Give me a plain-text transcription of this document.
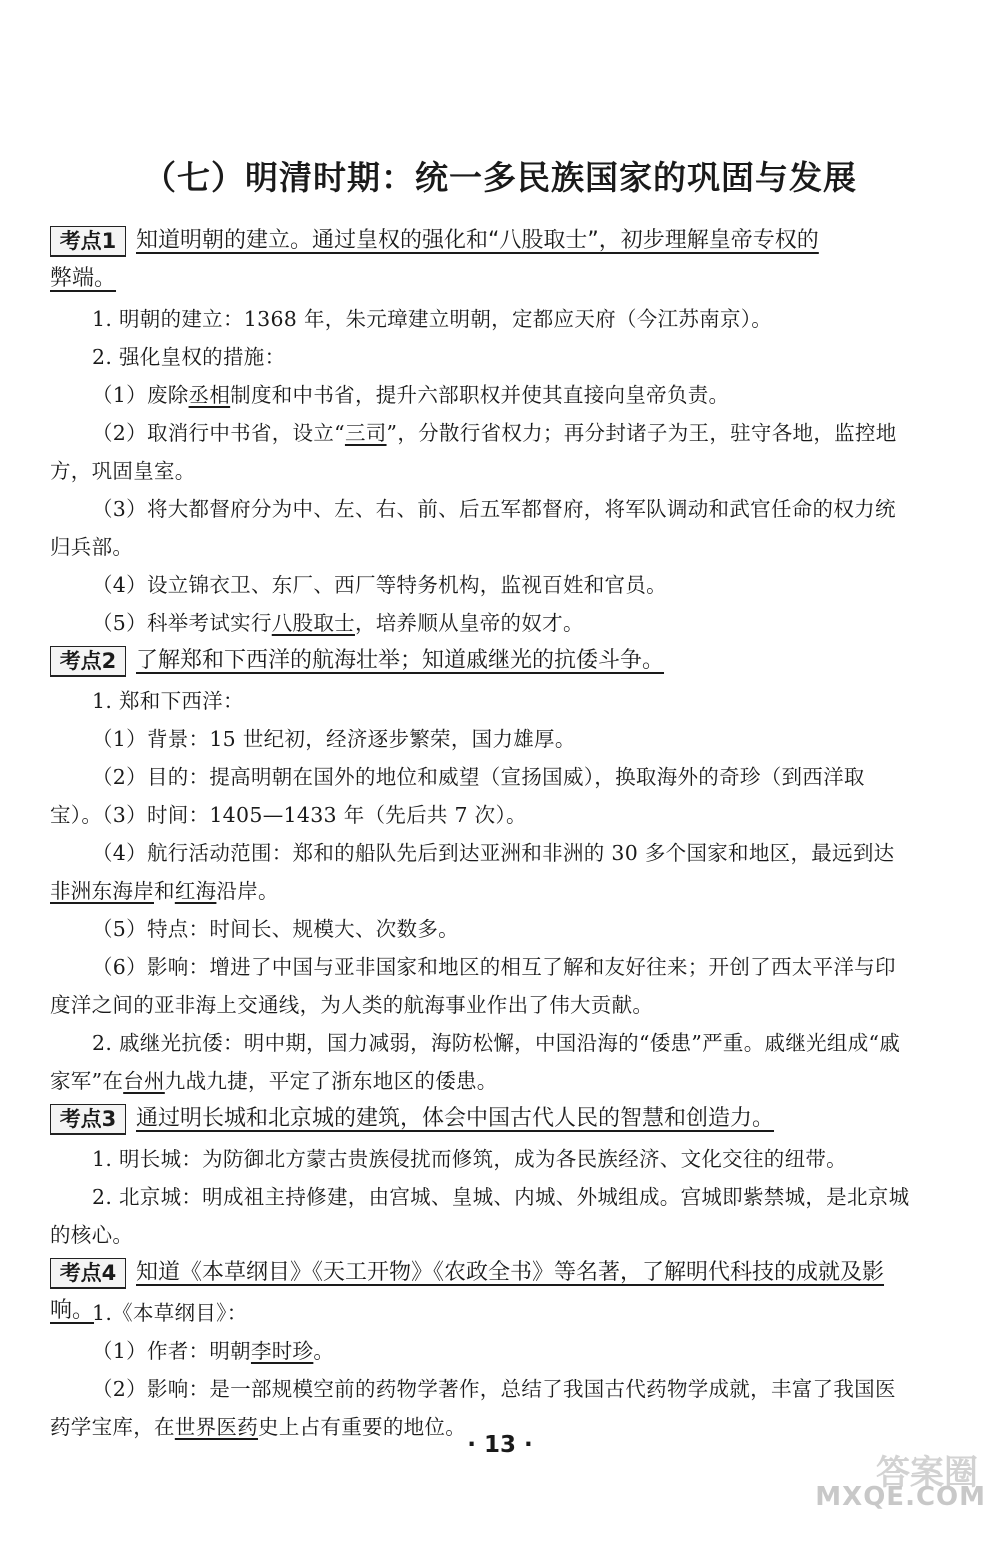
（七）明清时期：统一多民族国家的巩固与发展
考点1 知道明朝的建立。通过皇权的强化和“八股取士”，初步理解皇帝专权的
弊端。
1. 明朝的建立：1368 年，朱元璋建立明朝，定都应天府（今江苏南京）。
2. 强化皇权的措施：
（1）废除丞相制度和中书省，提升六部职权并使其直接向皇帝负责。
（2）取消行中书省，设立“三司”，分散行省权力；再分封诸子为王，驻守各地，监控地方，巩固皇室。
（3）将大都督府分为中、左、右、前、后五军都督府，将军队调动和武官任命的权力统归兵部。
（4）设立锦衣卫、东厂、西厂等特务机构，监视百姓和官员。
（5）科举考试实行八股取士，培养顺从皇帝的奴才。
考点2 了解郑和下西洋的航海壮举；知道戚继光的抗倭斗争。
1. 郑和下西洋：
（1）背景：15 世纪初，经济逐步繁荣，国力雄厚。
（2）目的：提高明朝在国外的地位和威望（宣扬国威），换取海外的奇珍（到西洋取宝）。
（3）时间：1405—1433 年（先后共 7 次）。
（4）航行活动范围：郑和的船队先后到达亚洲和非洲的 30 多个国家和地区，最远到达非洲东海岸和红海沿岸。
（5）特点：时间长、规模大、次数多。
（6）影响：增进了中国与亚非国家和地区的相互了解和友好往来；开创了西太平洋与印度洋之间的亚非海上交通线，为人类的航海事业作出了伟大贡献。
2. 戚继光抗倭：明中期，国力减弱，海防松懈，中国沿海的“倭患”严重。戚继光组成“戚家军”在台州九战九捷，平定了浙东地区的倭患。
考点3 通过明长城和北京城的建筑，体会中国古代人民的智慧和创造力。
1. 明长城：为防御北方蒙古贵族侵扰而修筑，成为各民族经济、文化交往的纽带。
2. 北京城：明成祖主持修建，由宫城、皇城、内城、外城组成。宫城即紫禁城，是北京城的核心。
考点4 知道《本草纲目》《天工开物》《农政全书》等名著，了解明代科技的成就及影响。
1.《本草纲目》：
（1）作者：明朝李时珍。
（2）影响：是一部规模空前的药物学著作，总结了我国古代药物学成就，丰富了我国医药学宝库，在世界医药史上占有重要的地位。
· 13 ·
答案圈
MXQE.COM
